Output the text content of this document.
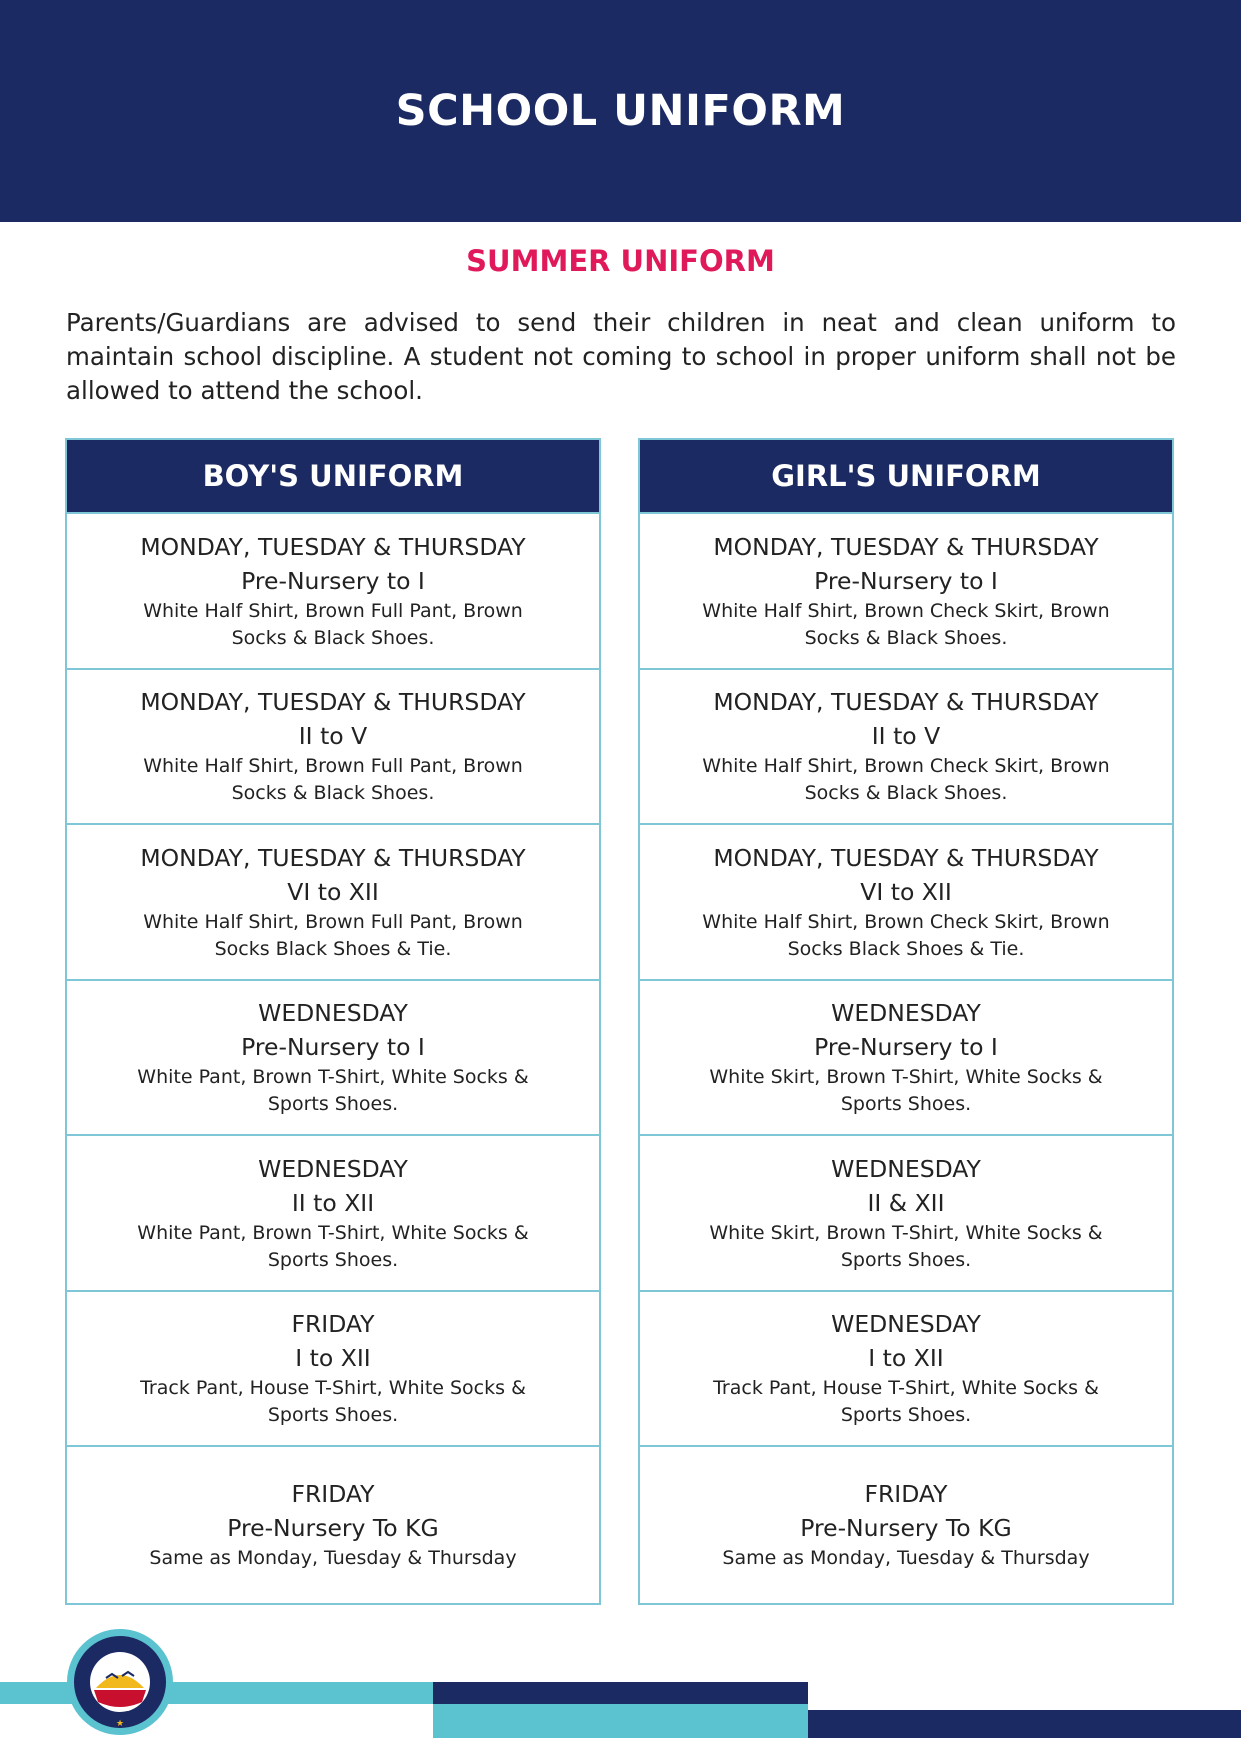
SCHOOL UNIFORM
SUMMER UNIFORM
Parents/Guardians are advised to send their children in neat and clean uniform to maintain school discipline. A student not coming to school in proper uniform shall not be allowed to attend the school.
BOY'S UNIFORM
MONDAY, TUESDAY & THURSDAY
Pre-Nursery to I
White Half Shirt, Brown Full Pant, Brown Socks & Black Shoes.
MONDAY, TUESDAY & THURSDAY
II to V
White Half Shirt, Brown Full Pant, Brown Socks & Black Shoes.
MONDAY, TUESDAY & THURSDAY
VI to XII
White Half Shirt, Brown Full Pant, Brown Socks Black Shoes & Tie.
WEDNESDAY
Pre-Nursery to I
White Pant, Brown T-Shirt, White Socks & Sports Shoes.
WEDNESDAY
II to XII
White Pant, Brown T-Shirt, White Socks & Sports Shoes.
FRIDAY
I to XII
Track Pant, House T-Shirt, White Socks & Sports Shoes.
FRIDAY
Pre-Nursery To KG
Same as Monday, Tuesday & Thursday
GIRL'S UNIFORM
MONDAY, TUESDAY & THURSDAY
Pre-Nursery to I
White Half Shirt, Brown Check Skirt, Brown Socks & Black Shoes.
MONDAY, TUESDAY & THURSDAY
II to V
White Half Shirt, Brown Check Skirt, Brown Socks & Black Shoes.
MONDAY, TUESDAY & THURSDAY
VI to XII
White Half Shirt, Brown Check Skirt, Brown Socks Black Shoes & Tie.
WEDNESDAY
Pre-Nursery to I
White Skirt, Brown T-Shirt, White Socks & Sports Shoes.
WEDNESDAY
II & XII
White Skirt, Brown T-Shirt, White Socks & Sports Shoes.
WEDNESDAY
I to XII
Track Pant, House T-Shirt, White Socks & Sports Shoes.
FRIDAY
Pre-Nursery To KG
Same as Monday, Tuesday & Thursday
★
